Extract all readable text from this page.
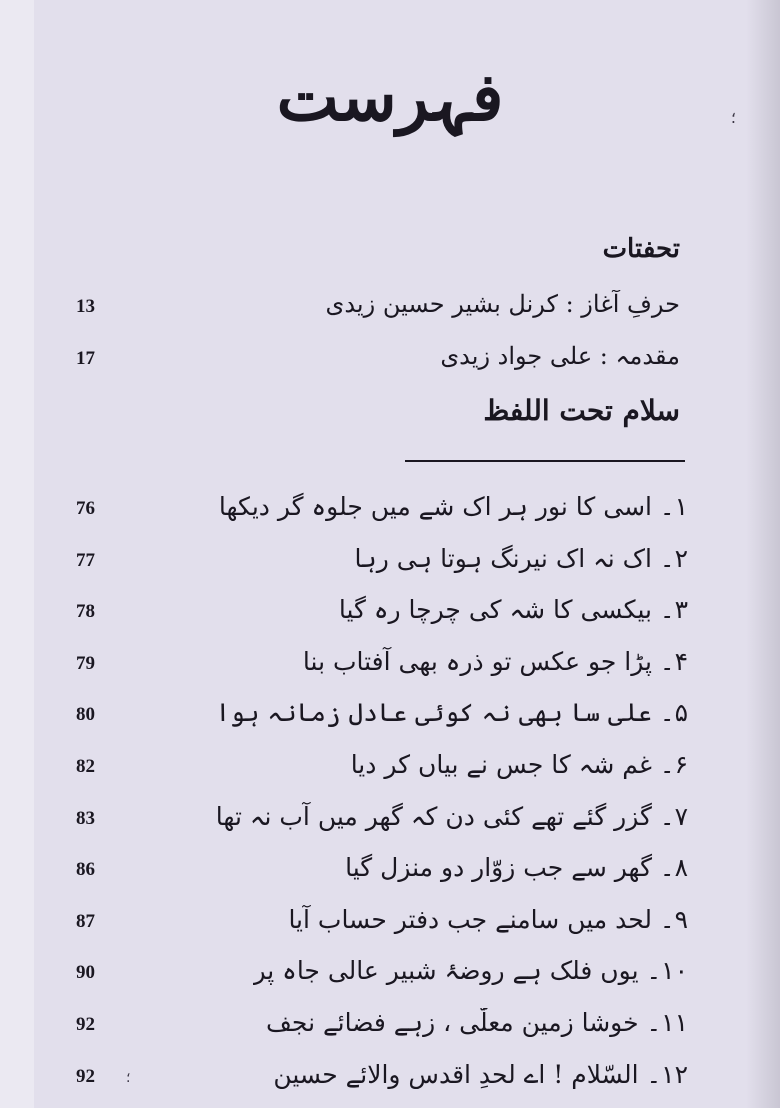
فہرست	؛
تحفتات
حرفِ آغاز : کرنل بشیر حسین زیدی
13
مقدمہ : علی جواد زیدی
17
سلام تحت اللفظ
۱۔ اسی کا نور ہر اک شے میں جلوہ گر دیکھا
76
۲۔ اک نہ اک نیرنگ ہوتا ہی رہا
77
۳۔ بیکسی کا شہ کی چرچا رہ گیا
78
۴۔ پڑا جو عکس تو ذرہ بھی آفتاب بنا
79
۵۔ علی سا بھی نہ کوئی عادل زمانہ ہوا
80
۶۔ غمِ شہ کا جس نے بیاں کر دیا
82
۷۔ گزر گئے تھے کئی دن کہ گھر میں آب نہ تھا
83
۸۔ گھر سے جب زوّار دو منزل گیا
86
۹۔ لحد میں سامنے جب دفترِ حساب آیا
87
۱۰۔ یوں فلک ہے روضۂ شبیرِ عالی جاہ پر
90
۱۱۔ خوشا زمینِ معلّٰی ، زہے فضائے نجف
92
۱۲۔ السّلام ! اے لحدِ اقدس والائے حسین
92 ؛
